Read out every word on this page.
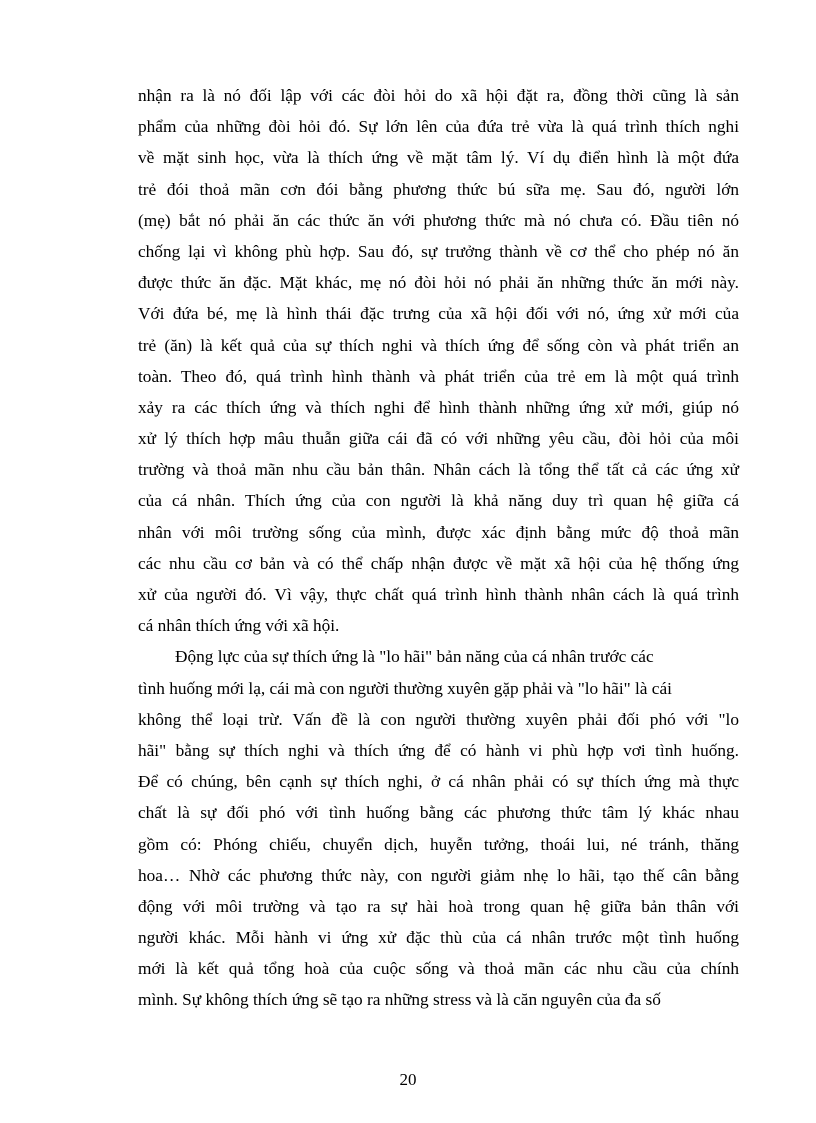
nhận ra là nó đối lập với các đòi hỏi do xã hội đặt ra, đồng thời cũng là sản
phẩm của những đòi hỏi đó. Sự lớn lên của đứa trẻ vừa là quá trình thích nghi
về mặt sinh học, vừa là thích ứng về mặt tâm lý. Ví dụ điển hình là một đứa
trẻ đói thoả mãn cơn đói bằng phương thức bú sữa mẹ. Sau đó, người lớn
(mẹ) bắt nó phải ăn các thức ăn với phương thức mà nó chưa có. Đầu tiên nó
chống lại vì không phù hợp. Sau đó, sự trưởng thành về cơ thể cho phép nó ăn
được thức ăn đặc. Mặt khác, mẹ nó đòi hỏi nó phải ăn những thức ăn mới này.
Với đứa bé, mẹ là hình thái đặc trưng của xã hội đối với nó, ứng xử mới của
trẻ (ăn) là kết quả của sự thích nghi và thích ứng để sống còn và phát triển an
toàn. Theo đó, quá trình hình thành và phát triển của trẻ em là một quá trình
xảy ra các thích ứng và thích nghi để hình thành những ứng xử mới, giúp nó
xử lý thích hợp mâu thuẫn giữa cái đã có với những yêu cầu, đòi hỏi của môi
trường và thoả mãn nhu cầu bản thân. Nhân cách là tổng thể tất cả các ứng xử
của cá nhân. Thích ứng của con người là khả năng duy trì quan hệ giữa cá
nhân với môi trường sống của mình, được xác định bằng mức độ thoả mãn
các nhu cầu cơ bản và có thể chấp nhận được về mặt xã hội của hệ thống ứng
xử của người đó. Vì vậy, thực chất quá trình hình thành nhân cách là quá trình
cá nhân thích ứng với xã hội.
Động lực của sự thích ứng là "lo hãi" bản năng của cá nhân trước các
tình huống mới lạ, cái mà con người thường xuyên gặp phải và "lo hãi" là cái
không thể loại trừ. Vấn đề là con người thường xuyên phải đối phó với "lo
hãi" bằng sự thích nghi và thích ứng để có hành vi phù hợp vơi tình huống.
Để có chúng, bên cạnh sự thích nghi, ở cá nhân phải có sự thích ứng mà thực
chất là sự đối phó với tình huống bằng các phương thức tâm lý khác nhau
gồm có: Phóng chiếu, chuyển dịch, huyễn tưởng, thoái lui, né tránh, thăng
hoa… Nhờ các phương thức này, con người giảm nhẹ lo hãi, tạo thế cân bằng
động với môi trường và tạo ra sự hài hoà trong quan hệ giữa bản thân với
người khác. Mỗi hành vi ứng xử đặc thù của cá nhân trước một tình huống
mới là kết quả tổng hoà của cuộc sống và thoả mãn các nhu cầu của chính
mình. Sự không thích ứng sẽ tạo ra những stress và là căn nguyên của đa số
20
